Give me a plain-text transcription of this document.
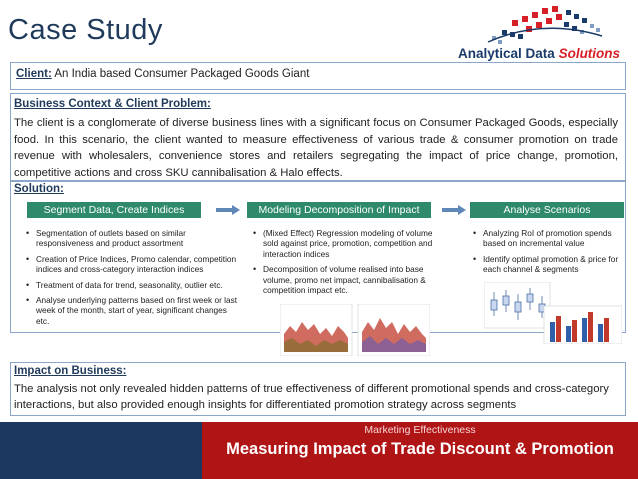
Case Study
Analytical Data Solutions
Client: An India based Consumer Packaged Goods Giant
Business Context & Client Problem:
The client is a conglomerate of diverse business lines with a significant focus on Consumer Packaged Goods, especially food. In this scenario, the client wanted to measure effectiveness of various trade & consumer promotion on trade revenue with wholesalers, convenience stores and retailers segregating the impact of price change, promotion, competitive actions and cross SKU cannibalisation & Halo effects.
Solution:
Segment Data, Create Indices	Modeling Decomposition of Impact	Analyse Scenarios
• Segmentation of outlets based on similar responsiveness and product assortment
• Creation of Price Indices, Promo calendar, competition indices and cross-category interaction indices
• Treatment of data for trend, seasonality, outlier etc.
• Analyse underlying patterns based on first week or last week of the month, start of year, significant changes etc.
• (Mixed Effect) Regression modeling of volume sold against price, promotion, competition and interaction indices
• Decomposition of volume realised into base volume, promo net impact, cannibalisation & competition impact etc.
• Analyzing RoI of promotion spends based on incremental value
• Identify optimal promotion & price for each channel & segments
Impact on Business:
The analysis not only revealed hidden patterns of true effectiveness of different promotional spends and cross-category interactions, but also provided enough insights for differentiated promotion strategy across segments
Marketing Effectiveness
Measuring Impact of Trade Discount & Promotion
